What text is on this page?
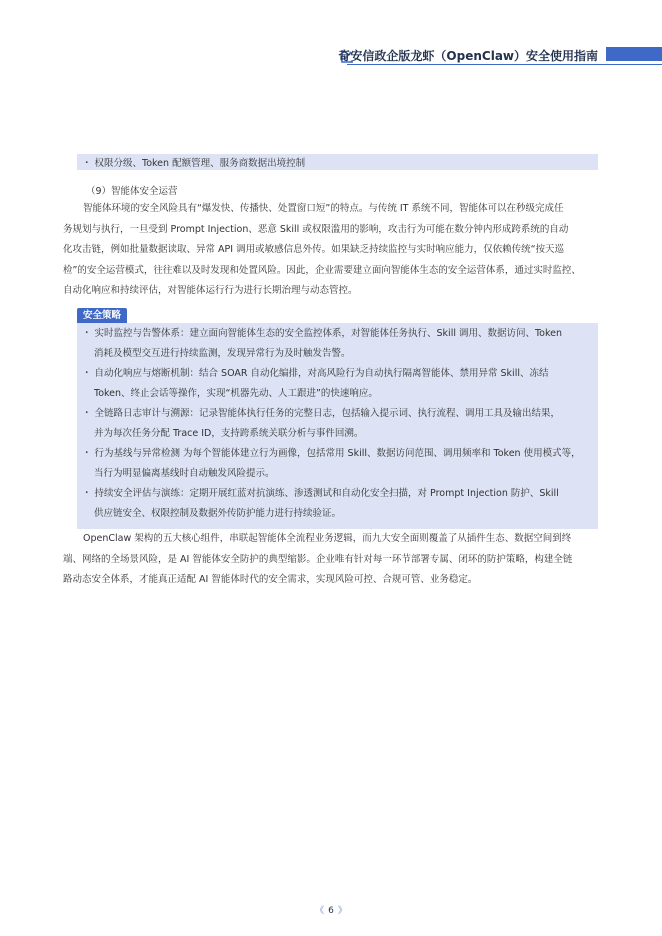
奇安信政企版龙虾（OpenClaw）安全使用指南
・ 权限分级、Token 配额管理、服务商数据出境控制
（9）智能体安全运营
智能体环境的安全风险具有“爆发快、传播快、处置窗口短”的特点。与传统 IT 系统不同，智能体可以在秒级完成任
务规划与执行，一旦受到 Prompt Injection、恶意 Skill 或权限滥用的影响，攻击行为可能在数分钟内形成跨系统的自动
化攻击链，例如批量数据读取、异常 API 调用或敏感信息外传。如果缺乏持续监控与实时响应能力，仅依赖传统“按天巡
检”的安全运营模式，往往难以及时发现和处置风险。因此，企业需要建立面向智能体生态的安全运营体系，通过实时监控、
自动化响应和持续评估，对智能体运行行为进行长期治理与动态管控。
安全策略
・ 实时监控与告警体系：建立面向智能体生态的安全监控体系，对智能体任务执行、Skill 调用、数据访问、Token
消耗及模型交互进行持续监测，发现异常行为及时触发告警。
・ 自动化响应与熔断机制：结合 SOAR 自动化编排，对高风险行为自动执行隔离智能体、禁用异常 Skill、冻结
Token、终止会话等操作，实现“机器先动、人工跟进”的快速响应。
・ 全链路日志审计与溯源：记录智能体执行任务的完整日志，包括输入提示词、执行流程、调用工具及输出结果，
并为每次任务分配 Trace ID，支持跨系统关联分析与事件回溯。
・ 行为基线与异常检测 为每个智能体建立行为画像，包括常用 Skill、数据访问范围、调用频率和 Token 使用模式等，
当行为明显偏离基线时自动触发风险提示。
・ 持续安全评估与演练：定期开展红蓝对抗演练、渗透测试和自动化安全扫描，对 Prompt Injection 防护、Skill
供应链安全、权限控制及数据外传防护能力进行持续验证。
OpenClaw 架构的五大核心组件，串联起智能体全流程业务逻辑，而九大安全面则覆盖了从插件生态、数据空间到终
端、网络的全场景风险，是 AI 智能体安全防护的典型缩影。企业唯有针对每一环节部署专属、闭环的防护策略，构建全链
路动态安全体系，才能真正适配 AI 智能体时代的安全需求，实现风险可控、合规可管、业务稳定。
《 6 》
